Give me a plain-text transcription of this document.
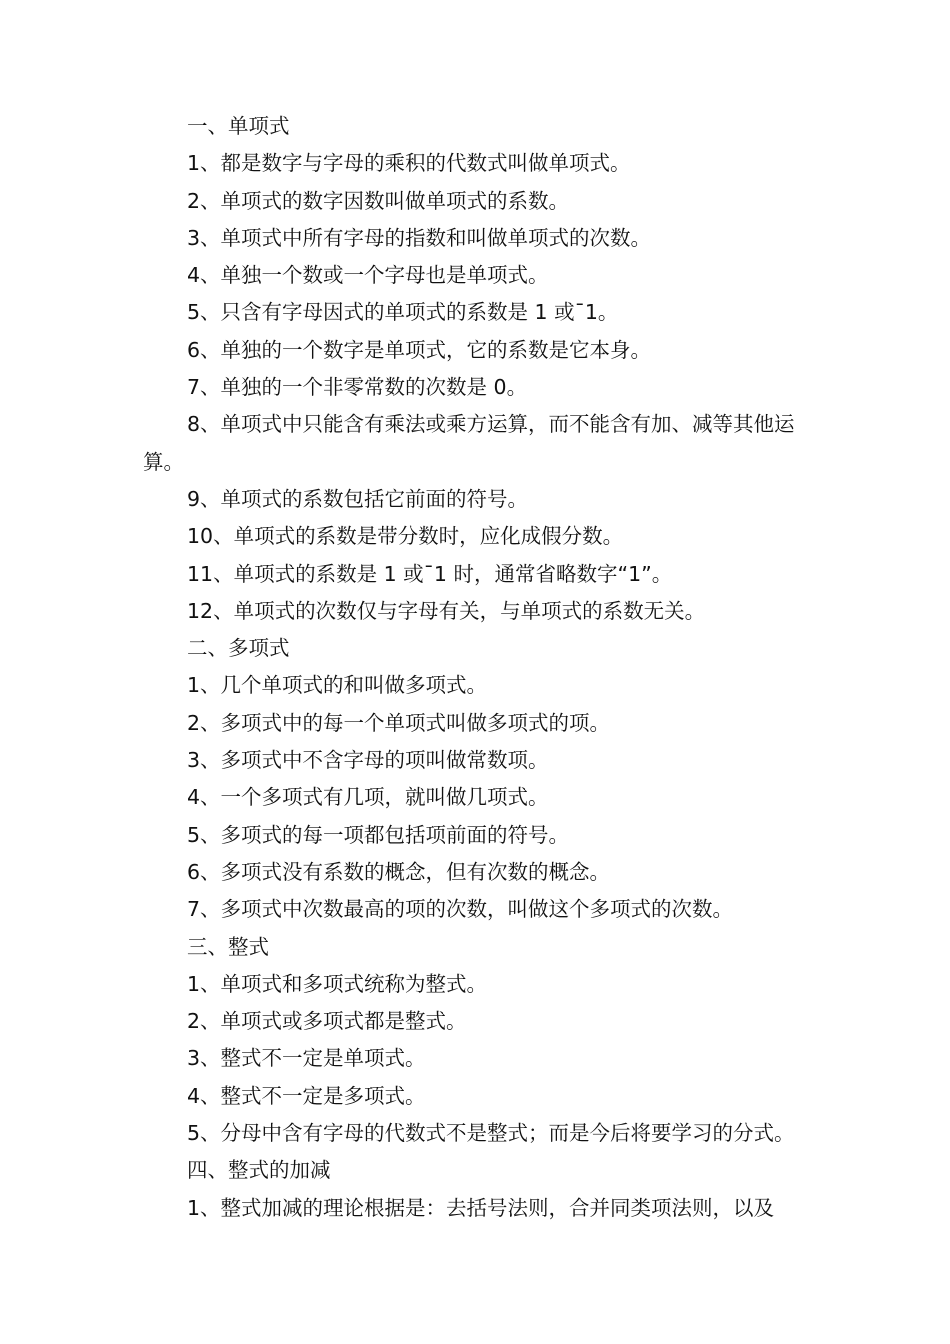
一、单项式

1、都是数字与字母的乘积的代数式叫做单项式。

2、单项式的数字因数叫做单项式的系数。

3、单项式中所有字母的指数和叫做单项式的次数。

4、单独一个数或一个字母也是单项式。

5、只含有字母因式的单项式的系数是 1 或ˉ1。

6、单独的一个数字是单项式，它的系数是它本身。

7、单独的一个非零常数的次数是 0。

8、单项式中只能含有乘法或乘方运算，而不能含有加、减等其他运算。

9、单项式的系数包括它前面的符号。

10、单项式的系数是带分数时，应化成假分数。

11、单项式的系数是 1 或ˉ1 时，通常省略数字“1”。

12、单项式的次数仅与字母有关，与单项式的系数无关。

二、多项式

1、几个单项式的和叫做多项式。

2、多项式中的每一个单项式叫做多项式的项。

3、多项式中不含字母的项叫做常数项。

4、一个多项式有几项，就叫做几项式。

5、多项式的每一项都包括项前面的符号。

6、多项式没有系数的概念，但有次数的概念。

7、多项式中次数最高的项的次数，叫做这个多项式的次数。

三、整式

1、单项式和多项式统称为整式。

2、单项式或多项式都是整式。

3、整式不一定是单项式。

4、整式不一定是多项式。

5、分母中含有字母的代数式不是整式；而是今后将要学习的分式。

四、整式的加减

1、整式加减的理论根据是：去括号法则，合并同类项法则，以及
